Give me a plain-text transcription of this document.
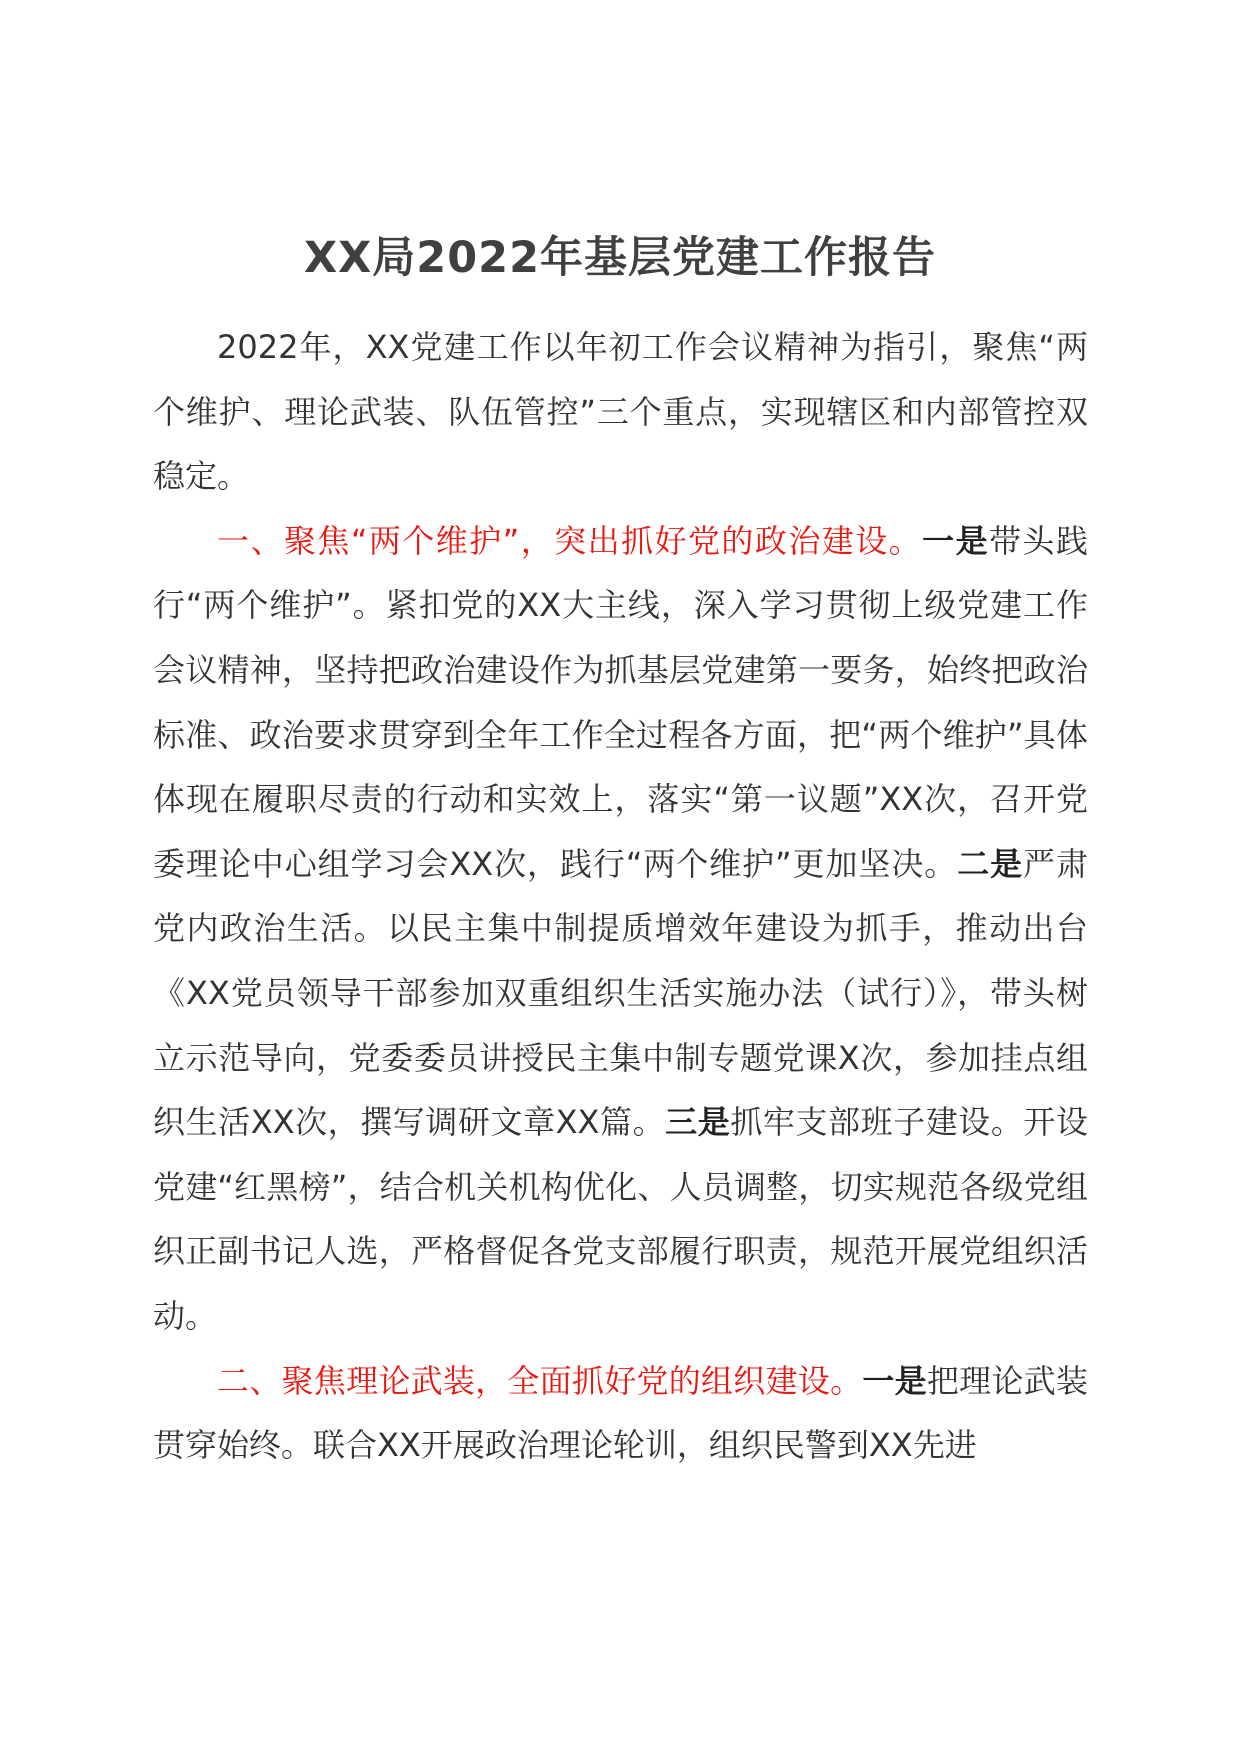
XX局2022年基层党建工作报告

2022年，XX党建工作以年初工作会议精神为指引，聚焦“两个维护、理论武装、队伍管控”三个重点，实现辖区和内部管控双稳定。

一、聚焦“两个维护”，突出抓好党的政治建设。一是带头践行“两个维护”。紧扣党的XX大主线，深入学习贯彻上级党建工作会议精神，坚持把政治建设作为抓基层党建第一要务，始终把政治标准、政治要求贯穿到全年工作全过程各方面，把“两个维护”具体体现在履职尽责的行动和实效上，落实“第一议题”XX次，召开党委理论中心组学习会XX次，践行“两个维护”更加坚决。二是严肃党内政治生活。以民主集中制提质增效年建设为抓手，推动出台《XX党员领导干部参加双重组织生活实施办法（试行）》，带头树立示范导向，党委委员讲授民主集中制专题党课X次，参加挂点组织生活XX次，撰写调研文章XX篇。三是抓牢支部班子建设。开设党建“红黑榜”，结合机关机构优化、人员调整，切实规范各级党组织正副书记人选，严格督促各党支部履行职责，规范开展党组织活动。

二、聚焦理论武装，全面抓好党的组织建设。一是把理论武装贯穿始终。联合XX开展政治理论轮训，组织民警到XX先进
